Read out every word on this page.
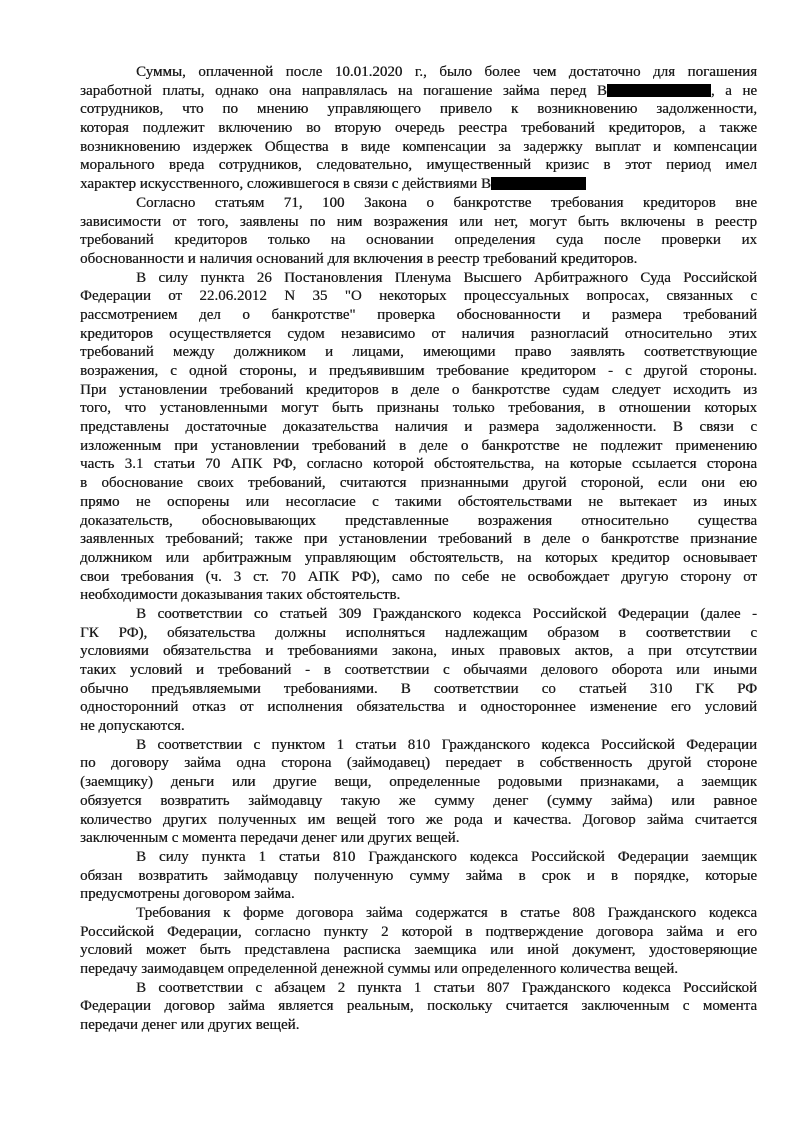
Суммы, оплаченной после 10.01.2020 г., было более чем достаточно для погашения
заработной платы, однако она направлялась на погашение займа перед В	, а не
сотрудников, что по мнению управляющего привело к возникновению задолженности,
которая подлежит включению во вторую очередь реестра требований кредиторов, а также
возникновению издержек Общества в виде компенсации за задержку выплат и компенсации
морального вреда сотрудников, следовательно, имущественный кризис в этот период имел
характер искусственного, сложившегося в связи с действиями В
Согласно статьям 71, 100 Закона о банкротстве требования кредиторов вне
зависимости от того, заявлены по ним возражения или нет, могут быть включены в реестр
требований кредиторов только на основании определения суда после проверки их
обоснованности и наличия оснований для включения в реестр требований кредиторов.
В силу пункта 26 Постановления Пленума Высшего Арбитражного Суда Российской
Федерации от 22.06.2012 N 35 "О некоторых процессуальных вопросах, связанных с
рассмотрением дел о банкротстве" проверка обоснованности и размера требований
кредиторов осуществляется судом независимо от наличия разногласий относительно этих
требований между должником и лицами, имеющими право заявлять соответствующие
возражения, с одной стороны, и предъявившим требование кредитором - с другой стороны.
При установлении требований кредиторов в деле о банкротстве судам следует исходить из
того, что установленными могут быть признаны только требования, в отношении которых
представлены достаточные доказательства наличия и размера задолженности. В связи с
изложенным при установлении требований в деле о банкротстве не подлежит применению
часть 3.1 статьи 70 АПК РФ, согласно которой обстоятельства, на которые ссылается сторона
в обоснование своих требований, считаются признанными другой стороной, если они ею
прямо не оспорены или несогласие с такими обстоятельствами не вытекает из иных
доказательств, обосновывающих представленные возражения относительно существа
заявленных требований; также при установлении требований в деле о банкротстве признание
должником или арбитражным управляющим обстоятельств, на которых кредитор основывает
свои требования (ч. 3 ст. 70 АПК РФ), само по себе не освобождает другую сторону от
необходимости доказывания таких обстоятельств.
В соответствии со статьей 309 Гражданского кодекса Российской Федерации (далее -
ГК РФ), обязательства должны исполняться надлежащим образом в соответствии с
условиями обязательства и требованиями закона, иных правовых актов, а при отсутствии
таких условий и требований - в соответствии с обычаями делового оборота или иными
обычно предъявляемыми требованиями. В соответствии со статьей 310 ГК РФ
односторонний отказ от исполнения обязательства и одностороннее изменение его условий
не допускаются.
В соответствии с пунктом 1 статьи 810 Гражданского кодекса Российской Федерации
по договору займа одна сторона (займодавец) передает в собственность другой стороне
(заемщику) деньги или другие вещи, определенные родовыми признаками, а заемщик
обязуется возвратить займодавцу такую же сумму денег (сумму займа) или равное
количество других полученных им вещей того же рода и качества. Договор займа считается
заключенным с момента передачи денег или других вещей.
В силу пункта 1 статьи 810 Гражданского кодекса Российской Федерации заемщик
обязан возвратить займодавцу полученную сумму займа в срок и в порядке, которые
предусмотрены договором займа.
Требования к форме договора займа содержатся в статье 808 Гражданского кодекса
Российской Федерации, согласно пункту 2 которой в подтверждение договора займа и его
условий может быть представлена расписка заемщика или иной документ, удостоверяющие
передачу заимодавцем определенной денежной суммы или определенного количества вещей.
В соответствии с абзацем 2 пункта 1 статьи 807 Гражданского кодекса Российской
Федерации договор займа является реальным, поскольку считается заключенным с момента
передачи денег или других вещей.
